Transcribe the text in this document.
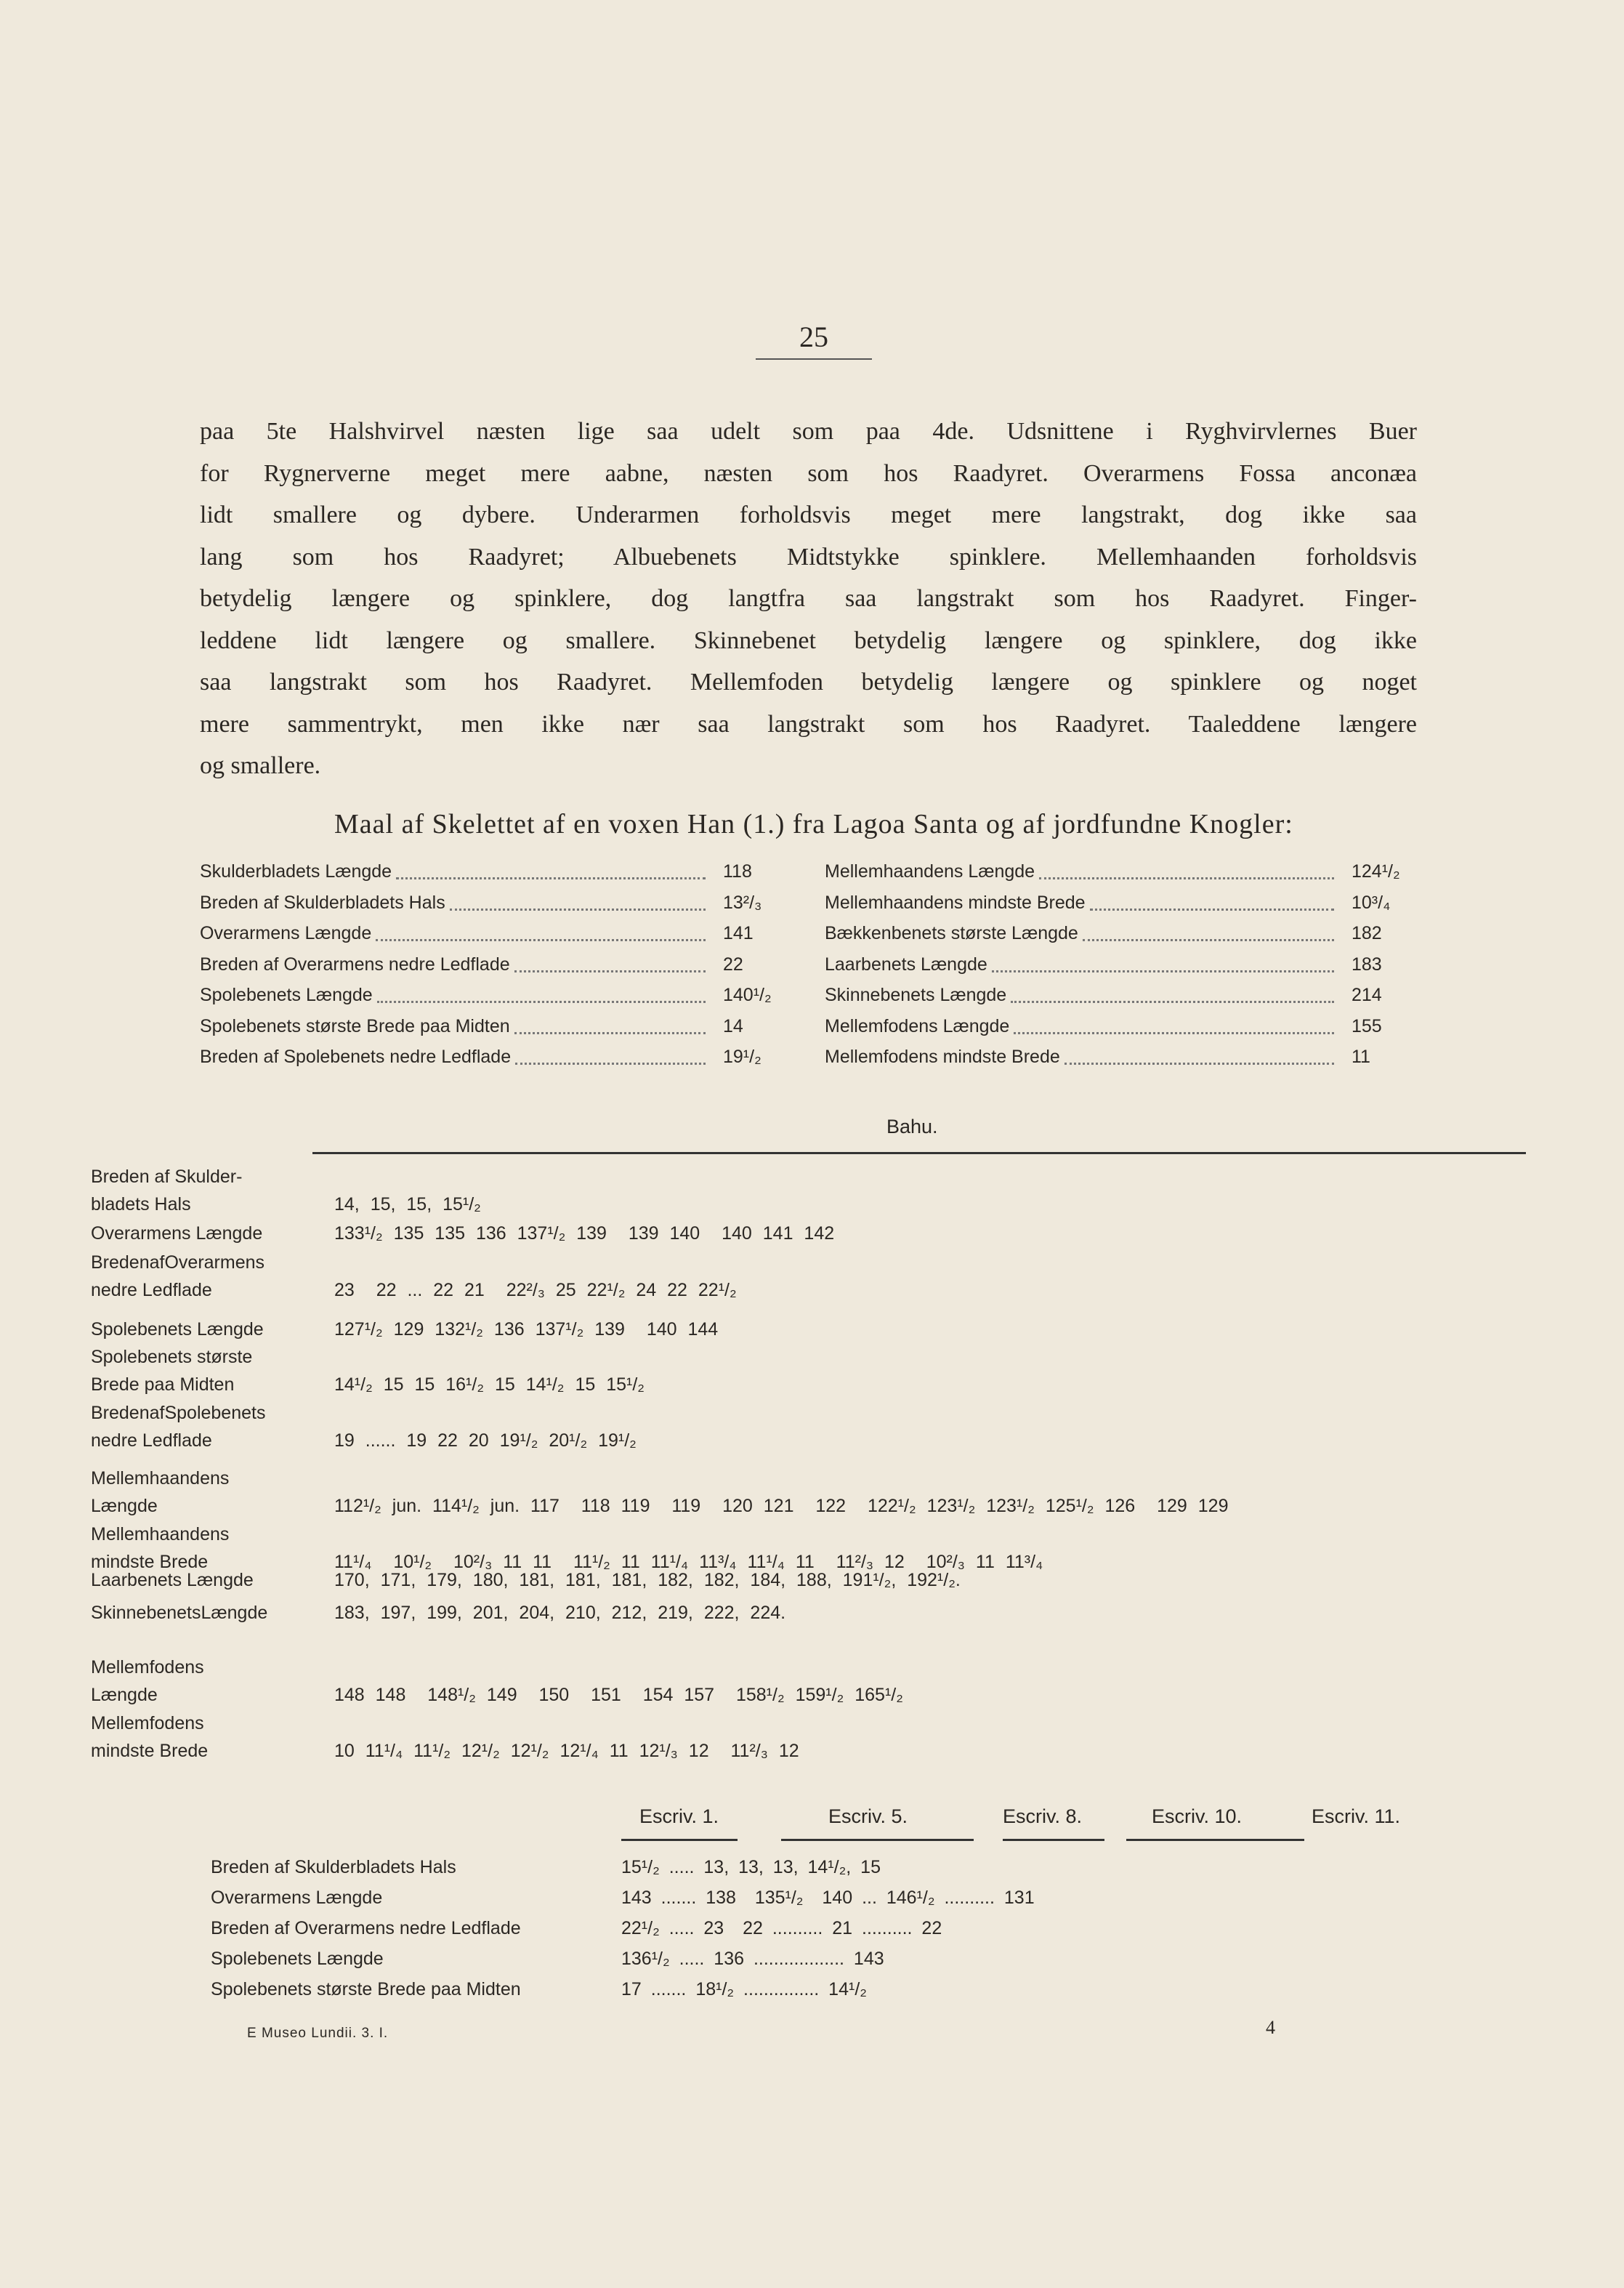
25

paa 5te Halshvirvel næsten lige saa udelt som paa 4de. Udsnittene i Ryghvirvlernes Buer

for Rygnerverne meget mere aabne, næsten som hos Raadyret. Overarmens Fossa anconæa

lidt smallere og dybere. Underarmen forholdsvis meget mere langstrakt, dog ikke saa

lang som hos Raadyret; Albuebenets Midtstykke spinklere. Mellemhaanden forholdsvis

betydelig længere og spinklere, dog langtfra saa langstrakt som hos Raadyret. Finger-

leddene lidt længere og smallere. Skinnebenet betydelig længere og spinklere, dog ikke

saa langstrakt som hos Raadyret. Mellemfoden betydelig længere og spinklere og noget

mere sammentrykt, men ikke nær saa langstrakt som hos Raadyret. Taaleddene længere

og smallere.

Maal af Skelettet af en voxen Han (1.) fra Lagoa Santa og af jordfundne Knogler:
Skulderbladets Længde	118
Breden af Skulderbladets Hals	13²/₃
Overarmens Længde	141
Breden af Overarmens nedre Ledflade	22
Spolebenets Længde	140¹/₂
Spolebenets største Brede paa Midten	14
Breden af Spolebenets nedre Ledflade	19¹/₂
Mellemhaandens Længde	124¹/₂
Mellemhaandens mindste Brede	10³/₄
Bækkenbenets største Længde	182
Laarbenets Længde	183
Skinnebenets Længde	214
Mellemfodens Længde	155
Mellemfodens mindste Brede	11
Bahu.
Breden af Skulder-
bladets Hals	14, 15, 15, 15¹/₂
Overarmens Længde	133¹/₂ 135 135 136 137¹/₂ 139  139 140  140 141 142
BredenafOverarmens
nedre Ledflade	23  22 ... 22 21  22²/₃ 25 22¹/₂ 24 22 22¹/₂
Spolebenets Længde	127¹/₂ 129 132¹/₂ 136 137¹/₂ 139  140 144
Spolebenets største
Brede paa Midten	14¹/₂ 15 15 16¹/₂ 15 14¹/₂ 15 15¹/₂
BredenafSpolebenets
nedre Ledflade	19 ...... 19 22 20 19¹/₂ 20¹/₂ 19¹/₂
Mellemhaandens
Længde	112¹/₂ jun. 114¹/₂ jun. 117  118 119  119  120 121  122  122¹/₂ 123¹/₂ 123¹/₂ 125¹/₂ 126  129 129
Mellemhaandens
mindste Brede	11¹/₄  10¹/₂  10²/₃ 11 11  11¹/₂ 11 11¹/₄ 11³/₄ 11¹/₄ 11  11²/₃ 12  10²/₃ 11 11³/₄
Laarbenets Længde	170, 171, 179, 180, 181, 181, 181, 182, 182, 184, 188, 191¹/₂, 192¹/₂.
SkinnebenetsLængde	183, 197, 199, 201, 204, 210, 212, 219, 222, 224.
Mellemfodens
Længde	148 148  148¹/₂ 149  150  151  154 157  158¹/₂ 159¹/₂ 165¹/₂
Mellemfodens
mindste Brede	10 11¹/₄ 11¹/₂ 12¹/₂ 12¹/₂ 12¹/₄ 11 12¹/₃ 12  11²/₃ 12
Escriv. 1.	Escriv. 5.	Escriv. 8.	Escriv. 10.	Escriv. 11.
Breden af Skulderbladets Hals	15¹/₂ ..... 13, 13, 13, 14¹/₂, 15
Overarmens Længde	143 ....... 138  135¹/₂  140 ... 146¹/₂ .......... 131
Breden af Overarmens nedre Ledflade	22¹/₂ ..... 23  22 .......... 21 .......... 22
Spolebenets Længde	136¹/₂ ..... 136 .................. 143
Spolebenets største Brede paa Midten	17 ....... 18¹/₂ ............... 14¹/₂
E Museo Lundii. 3. I.	4
